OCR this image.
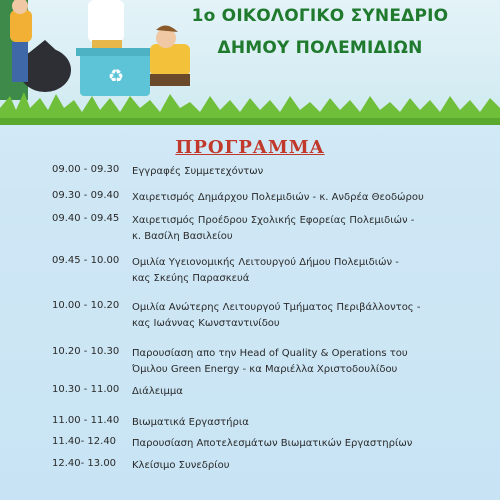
♻
1ο ΟΙΚΟΛΟΓΙΚΟ ΣΥΝΕΔΡΙΟ
ΔΗΜΟΥ ΠΟΛΕΜΙΔΙΩΝ
ΠΡΟΓΡΑΜΜΑ
09.00 - 09.30	Εγγραφές Συμμετεχόντων
09.30 - 09.40	Χαιρετισμός Δημάρχου Πολεμιδιών - κ. Ανδρέα Θεοδώρου
09.40 - 09.45	Χαιρετισμός Προέδρου Σχολικής Εφορείας Πολεμιδιών -
κ. Βασίλη Βασιλείου
09.45 - 10.00	Ομιλία Υγειονομικής Λειτουργού Δήμου Πολεμιδιών -
κας Σκεύης Παρασκευά
10.00 - 10.20	Ομιλία Ανώτερης Λειτουργού Τμήματος Περιβάλλοντος -
κας Ιωάννας Κωνσταντινίδου
10.20 - 10.30	Παρουσίαση απο την Head of Quality & Operations του
Όμιλου Green Energy - κα Μαριέλλα Χριστοδουλίδου
10.30 - 11.00	Διάλειμμα
11.00 - 11.40	Βιωματικά Εργαστήρια
11.40- 12.40	Παρουσίαση Αποτελεσμάτων Βιωματικών Εργαστηρίων
12.40- 13.00	Κλείσιμο Συνεδρίου
